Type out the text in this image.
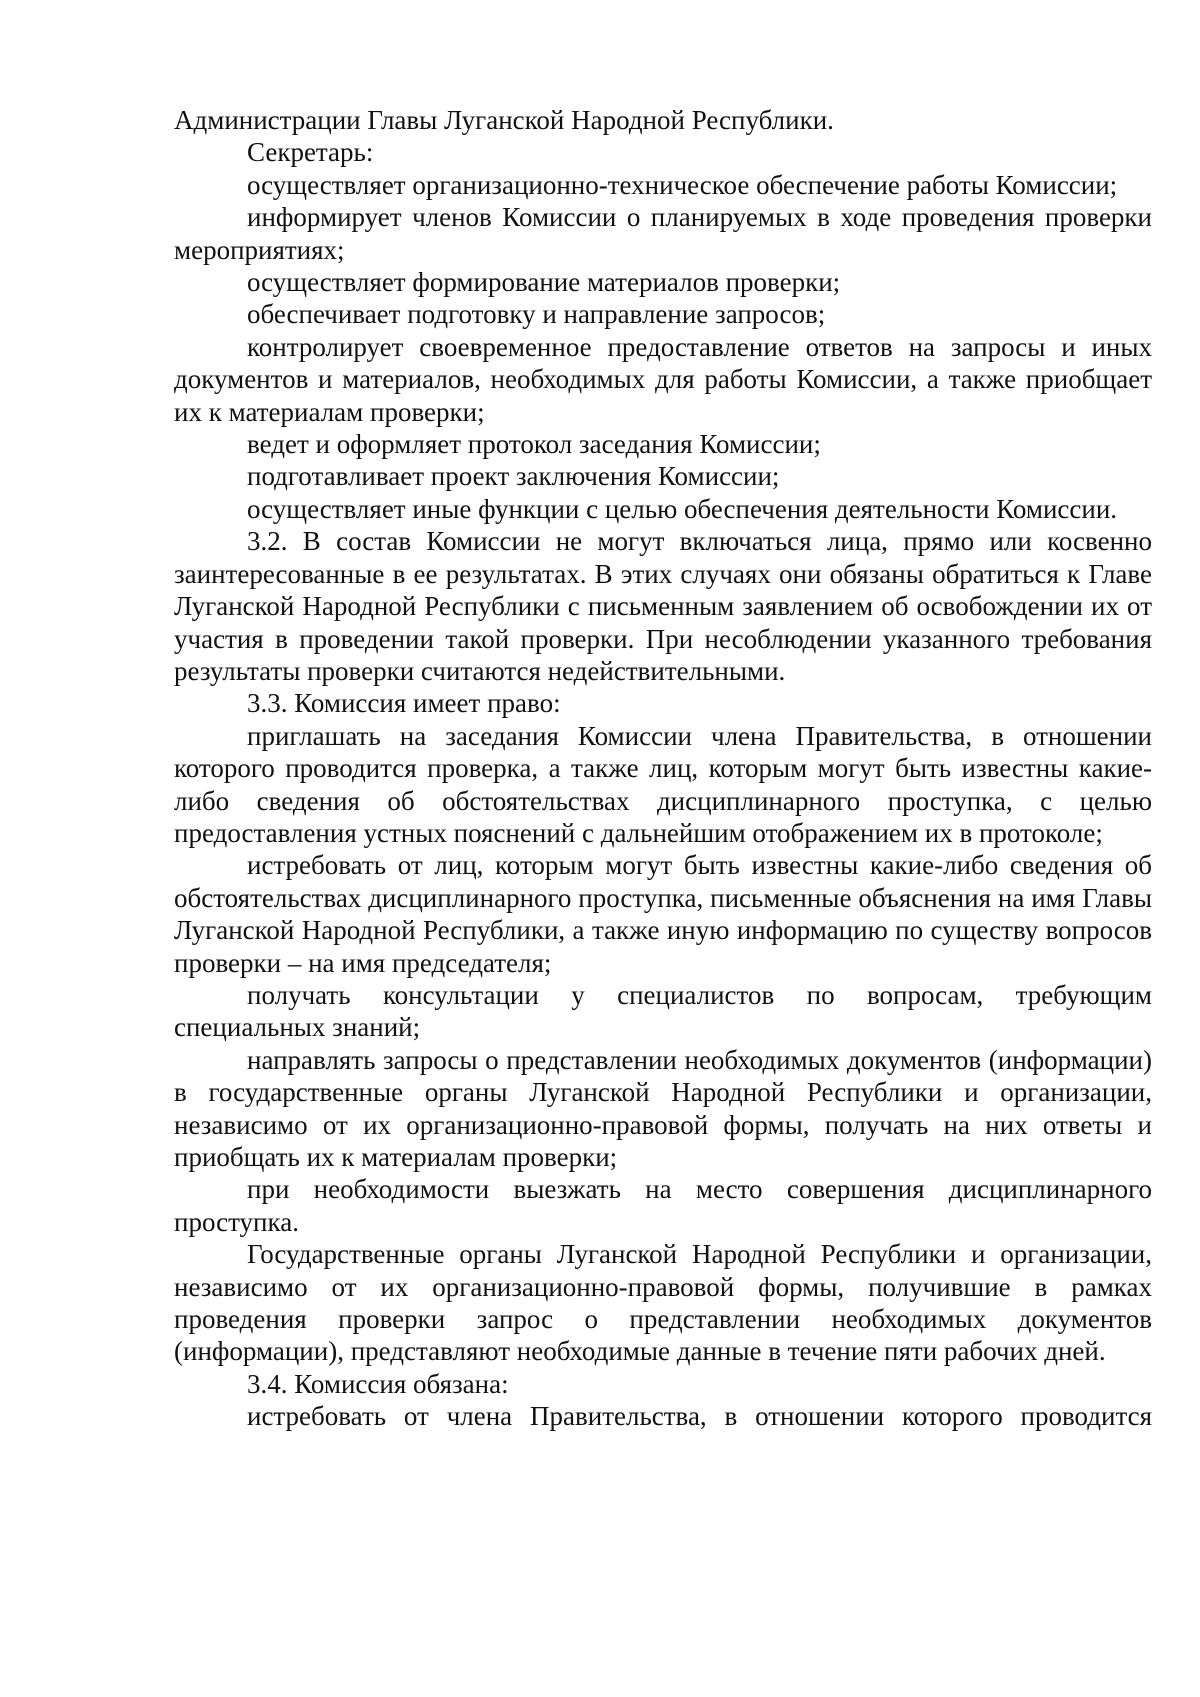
Администрации Главы Луганской Народной Республики.

Секретарь:

осуществляет организационно-техническое обеспечение работы Комиссии;

информирует членов Комиссии о планируемых в ходе проведения проверки мероприятиях;

осуществляет формирование материалов проверки;

обеспечивает подготовку и направление запросов;

контролирует своевременное предоставление ответов на запросы и иных документов и материалов, необходимых для работы Комиссии, а также приобщает их к материалам проверки;

ведет и оформляет протокол заседания Комиссии;

подготавливает проект заключения Комиссии;

осуществляет иные функции с целью обеспечения деятельности Комиссии.

3.2. В состав Комиссии не могут включаться лица, прямо или косвенно заинтересованные в ее результатах. В этих случаях они обязаны обратиться к Главе Луганской Народной Республики с письменным заявлением об освобождении их от участия в проведении такой проверки. При несоблюдении указанного требования результаты проверки считаются недействительными.

3.3. Комиссия имеет право:

приглашать на заседания Комиссии члена Правительства, в отношении которого проводится проверка, а также лиц, которым могут быть известны какие-либо сведения об обстоятельствах дисциплинарного проступка, с целью предоставления устных пояснений с дальнейшим отображением их в протоколе;

истребовать от лиц, которым могут быть известны какие-либо сведения об обстоятельствах дисциплинарного проступка, письменные объяснения на имя Главы Луганской Народной Республики, а также иную информацию по существу вопросов проверки – на имя председателя;

получать консультации у специалистов по вопросам, требующим специальных знаний;

направлять запросы о представлении необходимых документов (информации) в государственные органы Луганской Народной Республики и организации, независимо от их организационно-правовой формы, получать на них ответы и приобщать их к материалам проверки;

при необходимости выезжать на место совершения дисциплинарного проступка.

Государственные органы Луганской Народной Республики и организации, независимо от их организационно-правовой формы, получившие в рамках проведения проверки запрос о представлении необходимых документов (информации), представляют необходимые данные в течение пяти рабочих дней.

3.4. Комиссия обязана:

истребовать от члена Правительства, в отношении которого проводится
